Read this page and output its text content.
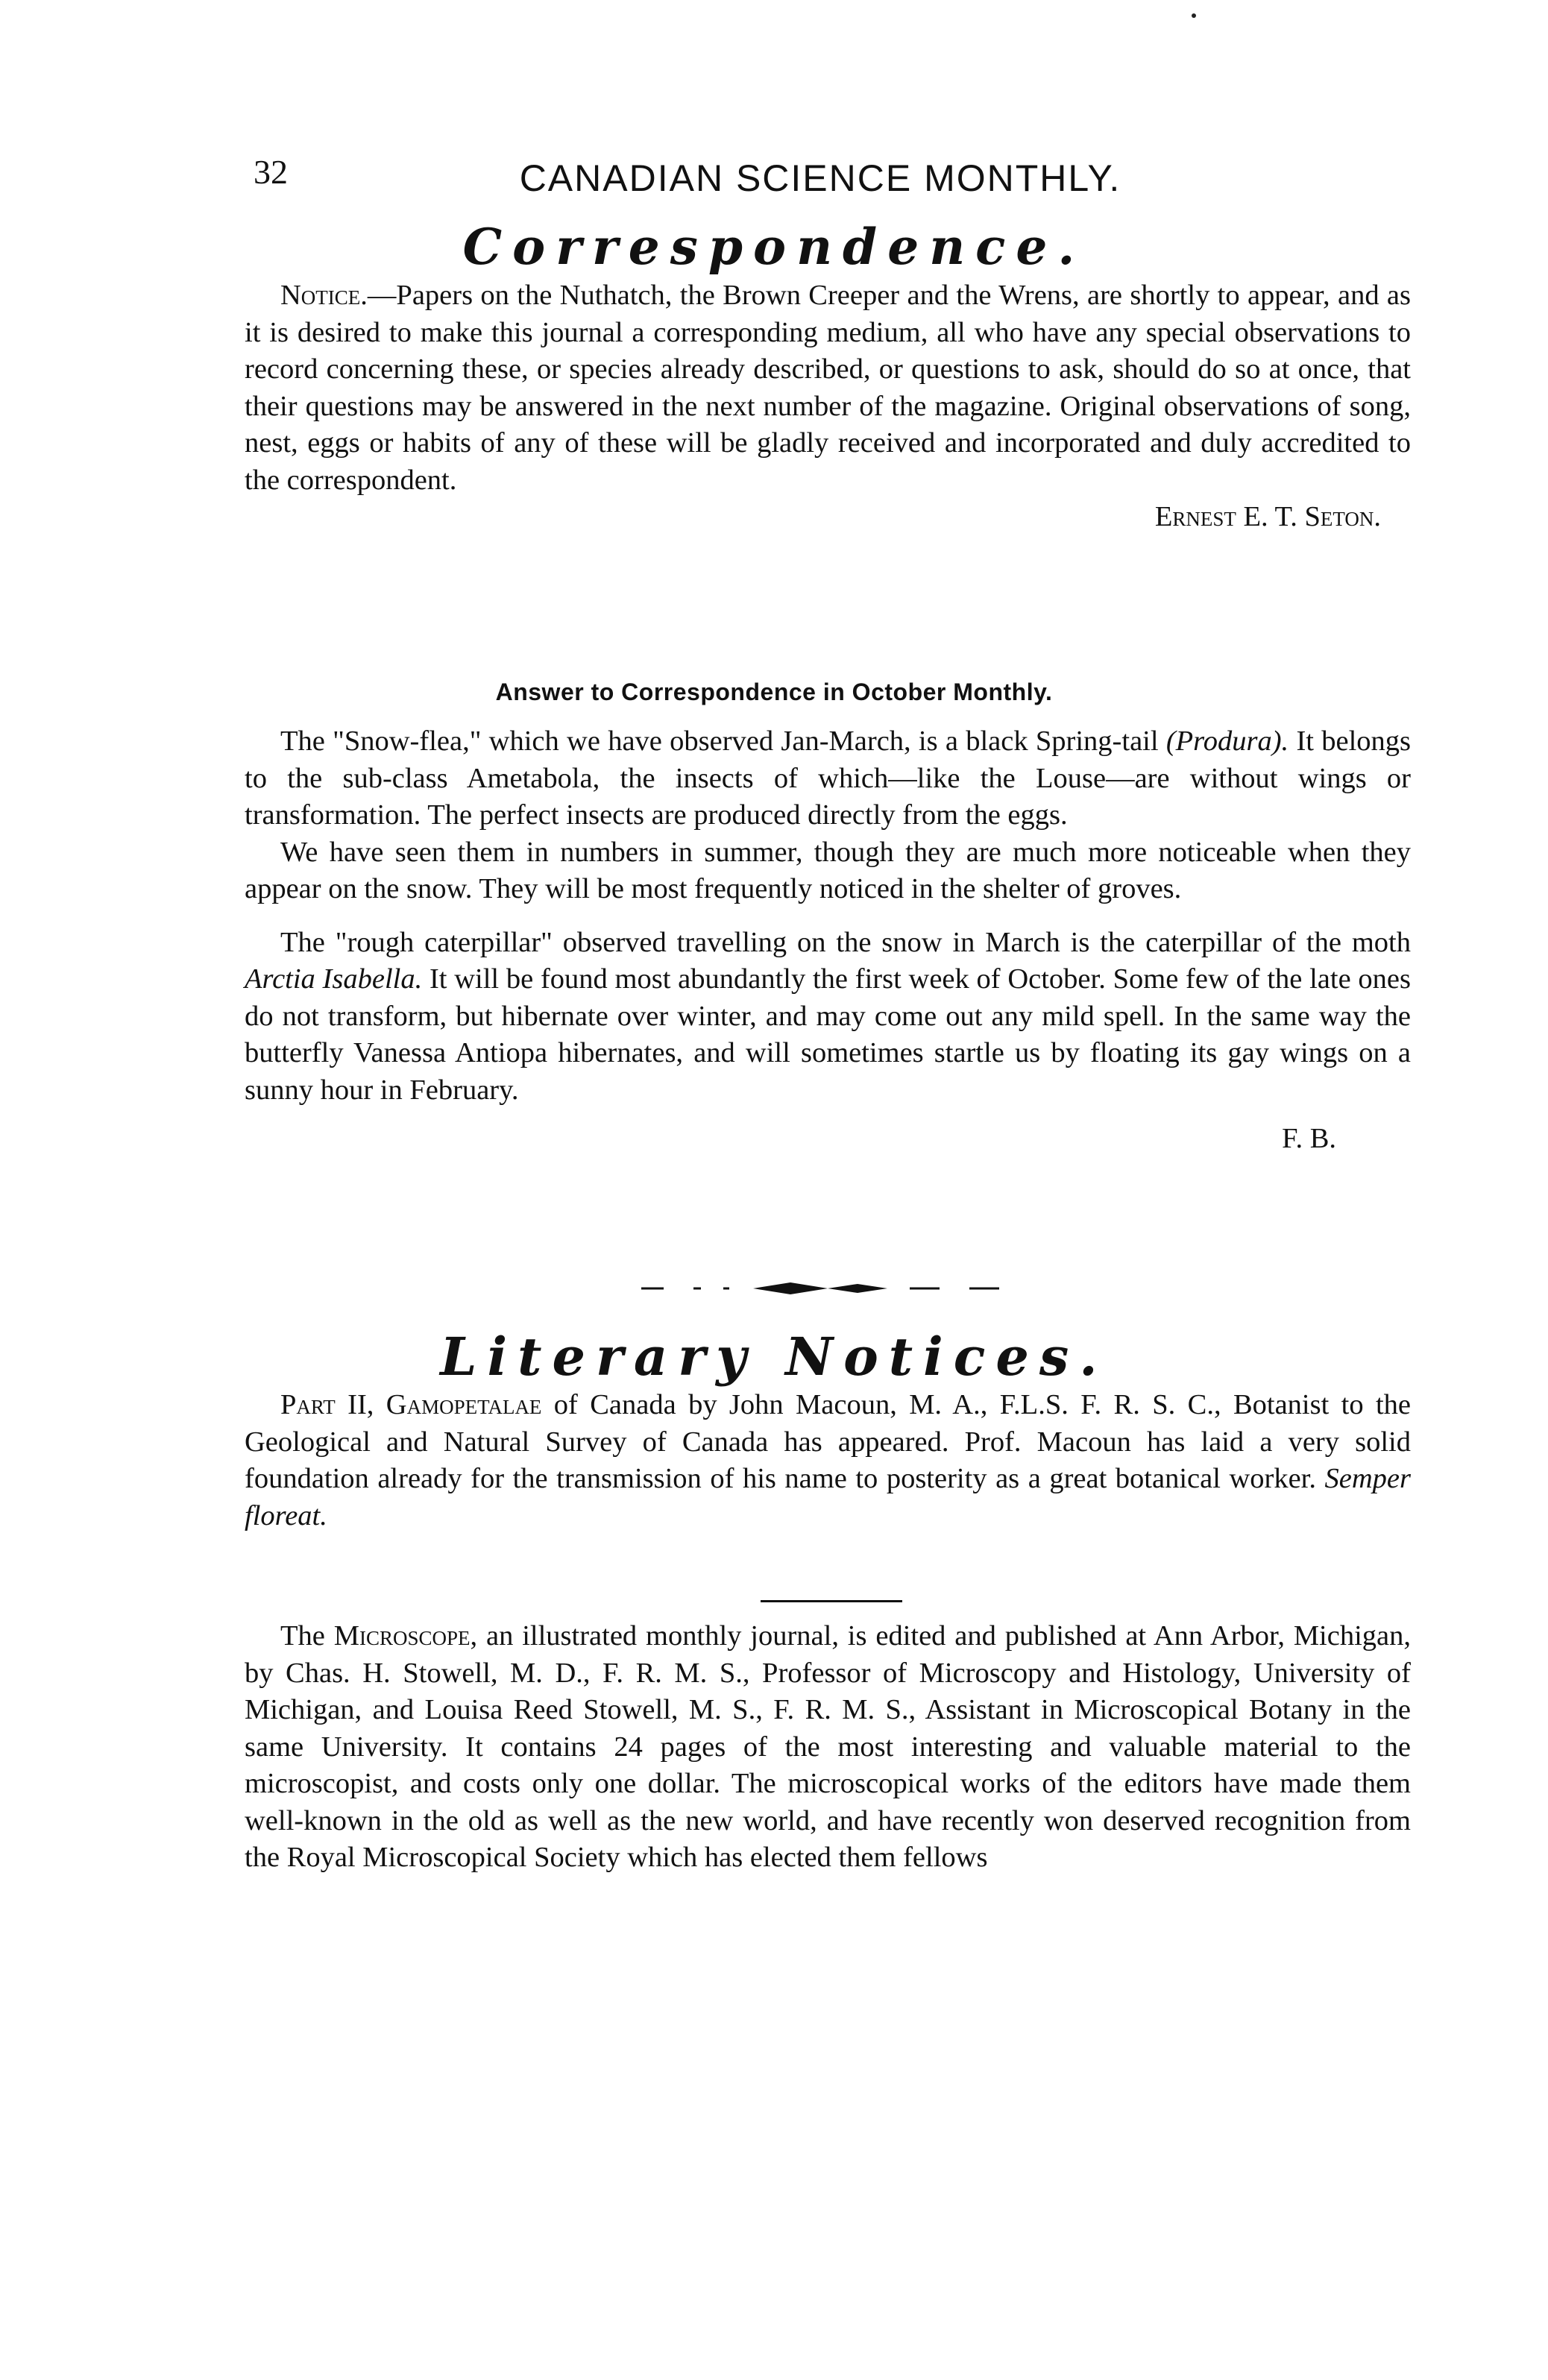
32	CANADIAN SCIENCE MONTHLY.
Correspondence.

Notice.—Papers on the Nuthatch, the Brown Creeper and the Wrens, are shortly to appear, and as it is desired to make this journal a corresponding medium, all who have any special observations to record concerning these, or species already described, or questions to ask, should do so at once, that their questions may be answered in the next number of the magazine. Original observations of song, nest, eggs or habits of any of these will be gladly received and incorporated and duly accredited to the correspondent.

Ernest E. T. Seton.

Answer to Correspondence in October Monthly.

The "Snow-flea," which we have observed Jan-March, is a black Spring-tail (Produra). It belongs to the sub-class Ametabola, the insects of which—like the Louse—are without wings or transformation. The perfect insects are produced directly from the eggs.

We have seen them in numbers in summer, though they are much more noticeable when they appear on the snow. They will be most frequently noticed in the shelter of groves.

The "rough caterpillar" observed travelling on the snow in March is the caterpillar of the moth Arctia Isabella. It will be found most abundantly the first week of October. Some few of the late ones do not transform, but hibernate over winter, and may come out any mild spell. In the same way the butterfly Vanessa Antiopa hibernates, and will sometimes startle us by floating its gay wings on a sunny hour in February.

F. B.

Literary Notices.

Part II, Gamopetalae of Canada by John Macoun, M. A., F.L.S. F. R. S. C., Botanist to the Geological and Natural Survey of Canada has appeared. Prof. Macoun has laid a very solid foundation already for the transmission of his name to posterity as a great botanical worker. Semper floreat.

The Microscope, an illustrated monthly journal, is edited and published at Ann Arbor, Michigan, by Chas. H. Stowell, M. D., F. R. M. S., Professor of Microscopy and Histology, University of Michigan, and Louisa Reed Stowell, M. S., F. R. M. S., Assistant in Microscopical Botany in the same University. It contains 24 pages of the most interesting and valuable material to the microscopist, and costs only one dollar. The microscopical works of the editors have made them well-known in the old as well as the new world, and have recently won deserved recognition from the Royal Microscopical Society which has elected them fellows
